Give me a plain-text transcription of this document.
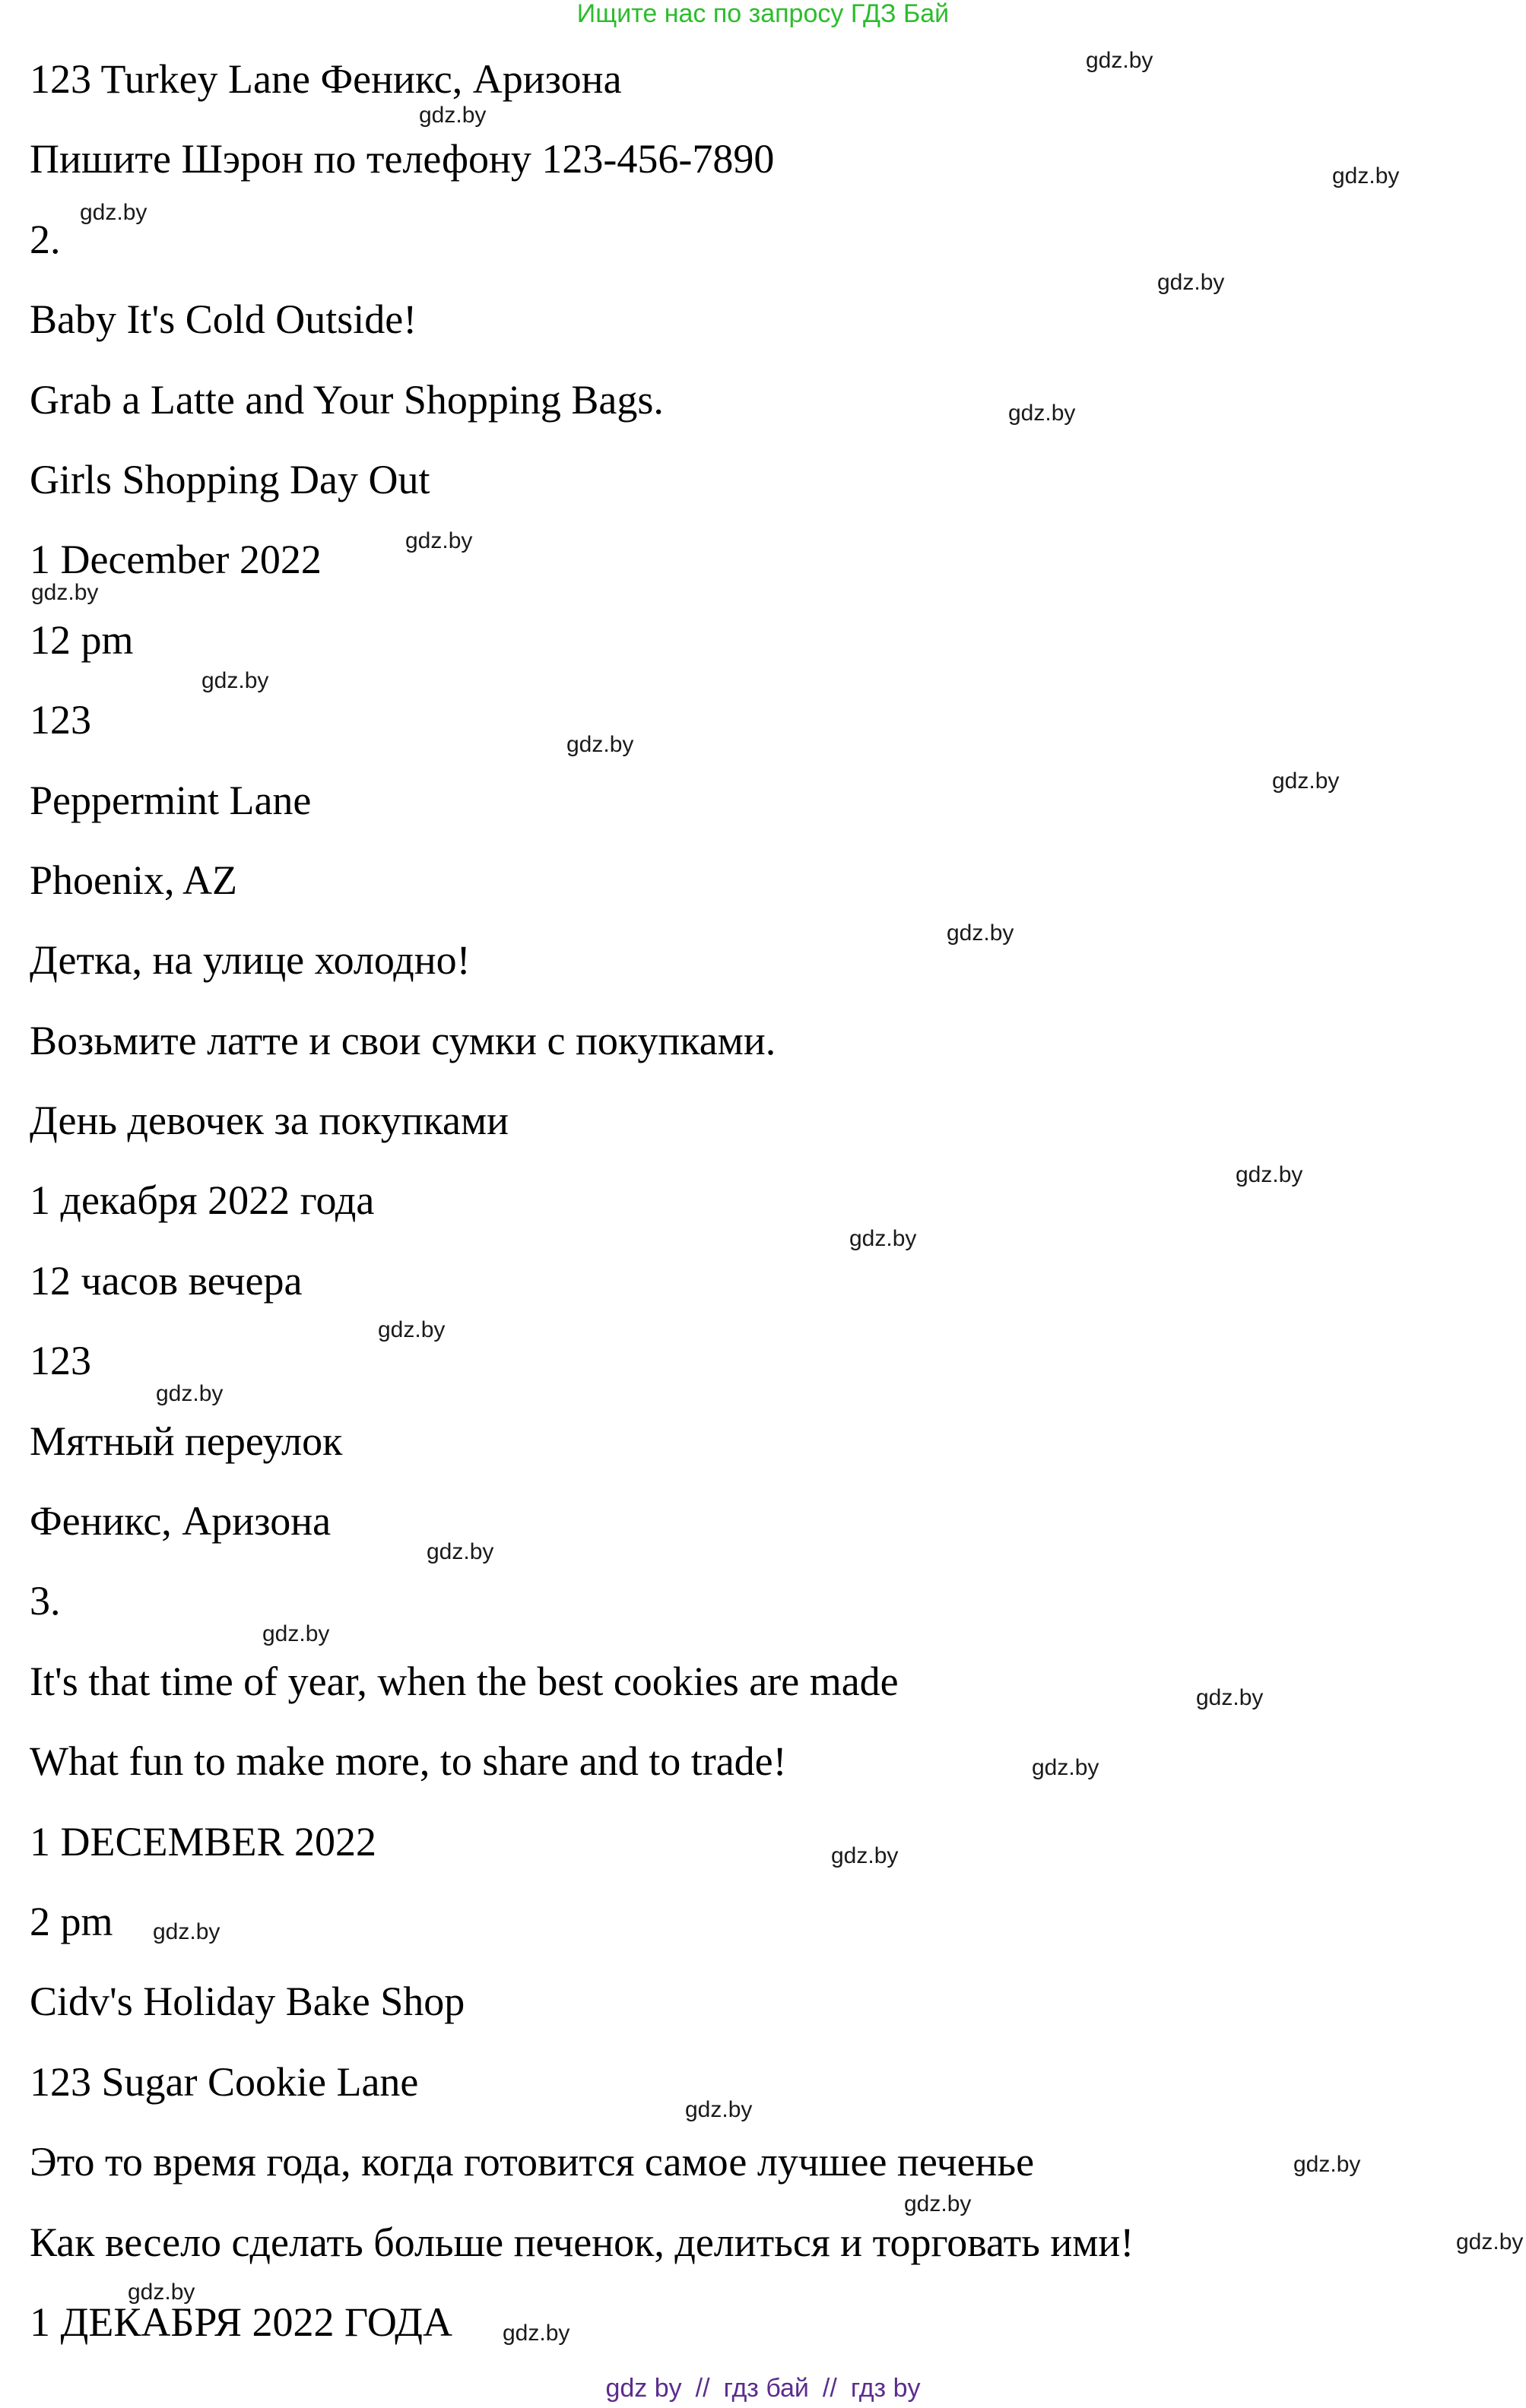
Ищите нас по запросу ГДЗ Бай
123 Turkey Lane Феникс, Аризона
Пишите Шэрон по телефону 123-456-7890
2.
Baby It's Cold Outside!
Grab a Latte and Your Shopping Bags.
Girls Shopping Day Out
1 December 2022
12 pm
123
Peppermint Lane
Phoenix, AZ
Детка, на улице холодно!
Возьмите латте и свои сумки с покупками.
День девочек за покупками
1 декабря 2022 года
12 часов вечера
123
Мятный переулок
Феникс, Аризона
3.
It's that time of year, when the best cookies are made
What fun to make more, to share and to trade!
1 DECEMBER 2022
2 pm
Cidv's Holiday Bake Shop
123 Sugar Cookie Lane
Это то время года, когда готовится самое лучшее печенье
Как весело сделать больше печенок, делиться и торговать ими!
1 ДЕКАБРЯ 2022 ГОДА
gdz.by
gdz.by
gdz.by
gdz.by
gdz.by
gdz.by
gdz.by
gdz.by
gdz.by
gdz.by
gdz.by
gdz.by
gdz.by
gdz.by
gdz.by
gdz.by
gdz.by
gdz.by
gdz.by
gdz.by
gdz.by
gdz.by
gdz.by
gdz.by
gdz.by
gdz.by
gdz.by
gdz.by
gdz by // гдз бай // гдз by
